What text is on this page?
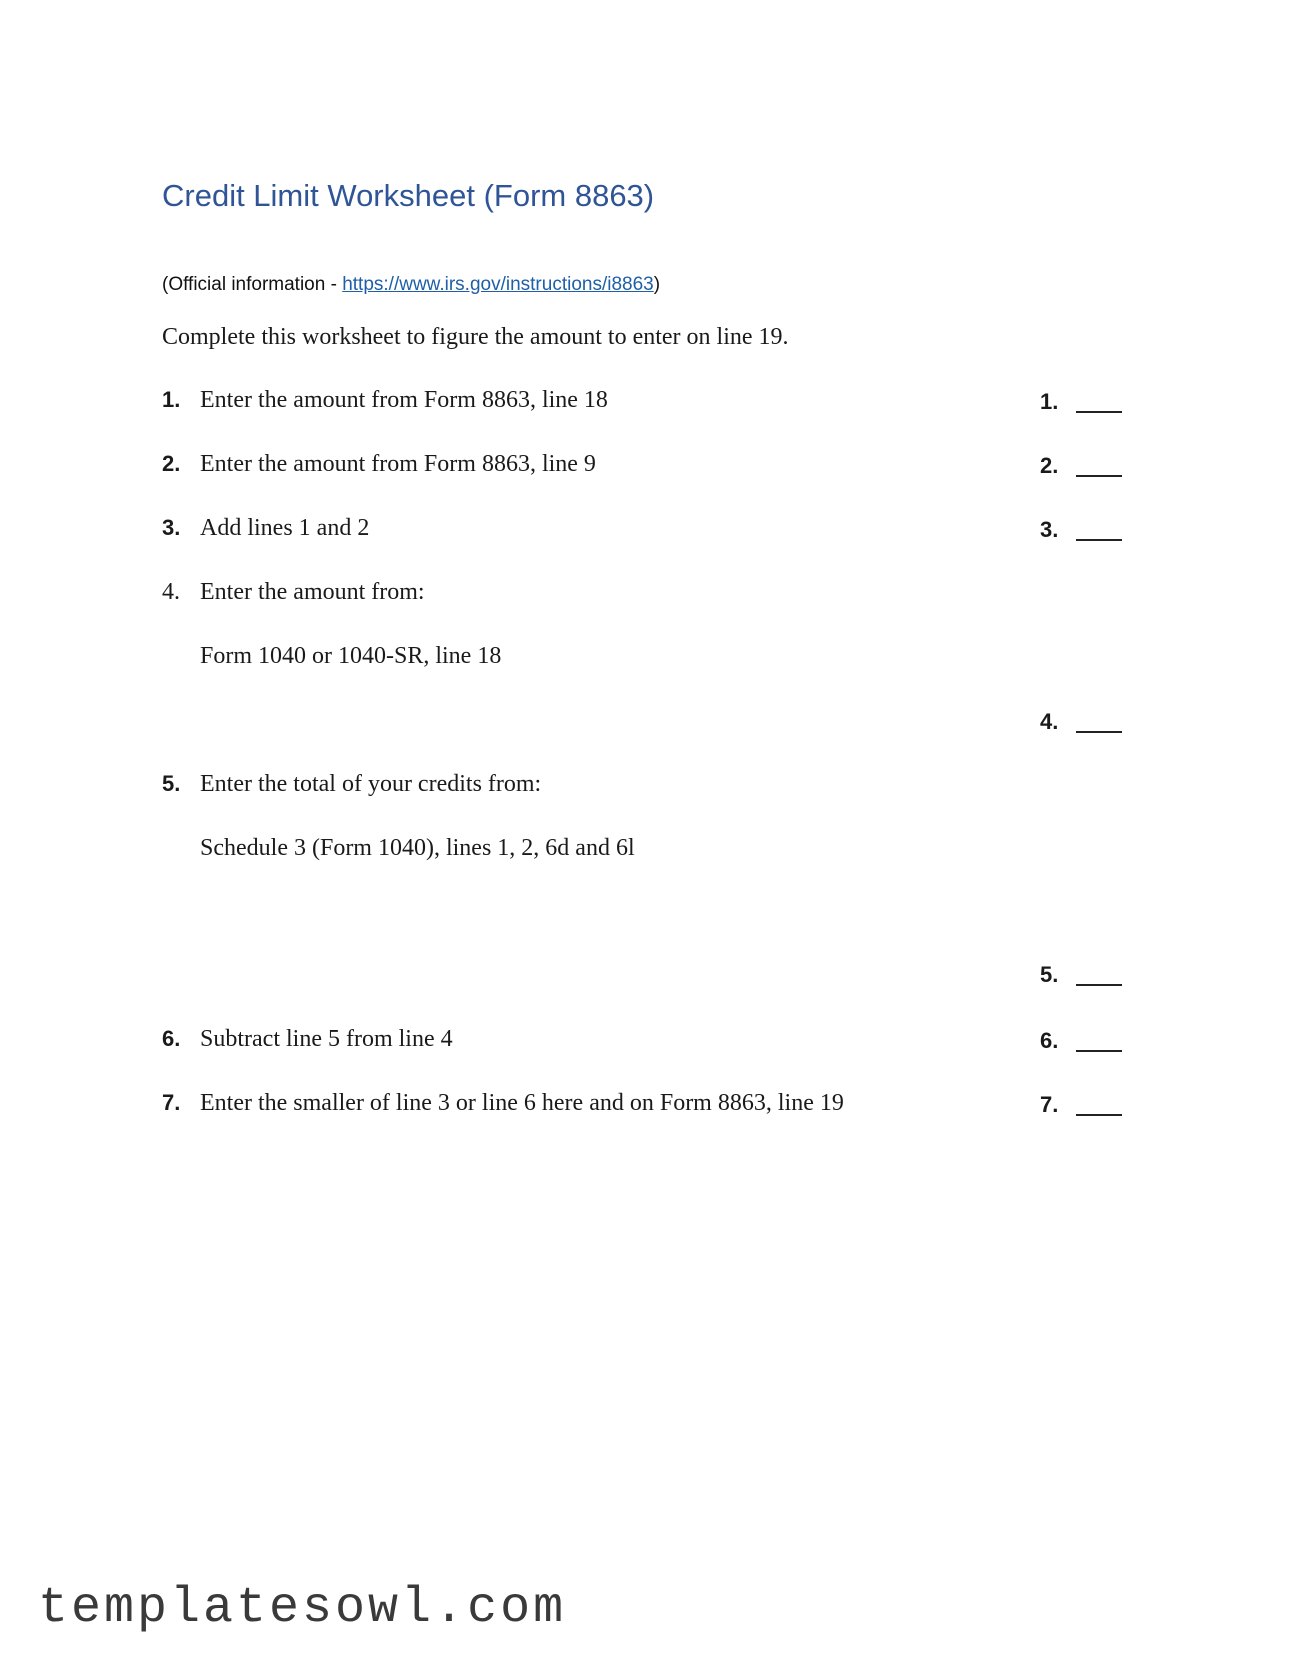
Credit Limit Worksheet (Form 8863)
(Official information - https://www.irs.gov/instructions/i8863)
Complete this worksheet to figure the amount to enter on line 19.
1. Enter the amount from Form 8863, line 18	1.
2. Enter the amount from Form 8863, line 9	2.
3. Add lines 1 and 2	3.
4. Enter the amount from:
Form 1040 or 1040-SR, line 18
4.
5. Enter the total of your credits from:
Schedule 3 (Form 1040), lines 1, 2, 6d and 6l
5.
6. Subtract line 5 from line 4	6.
7. Enter the smaller of line 3 or line 6 here and on Form 8863, line 19	7.
templatesowl.com
